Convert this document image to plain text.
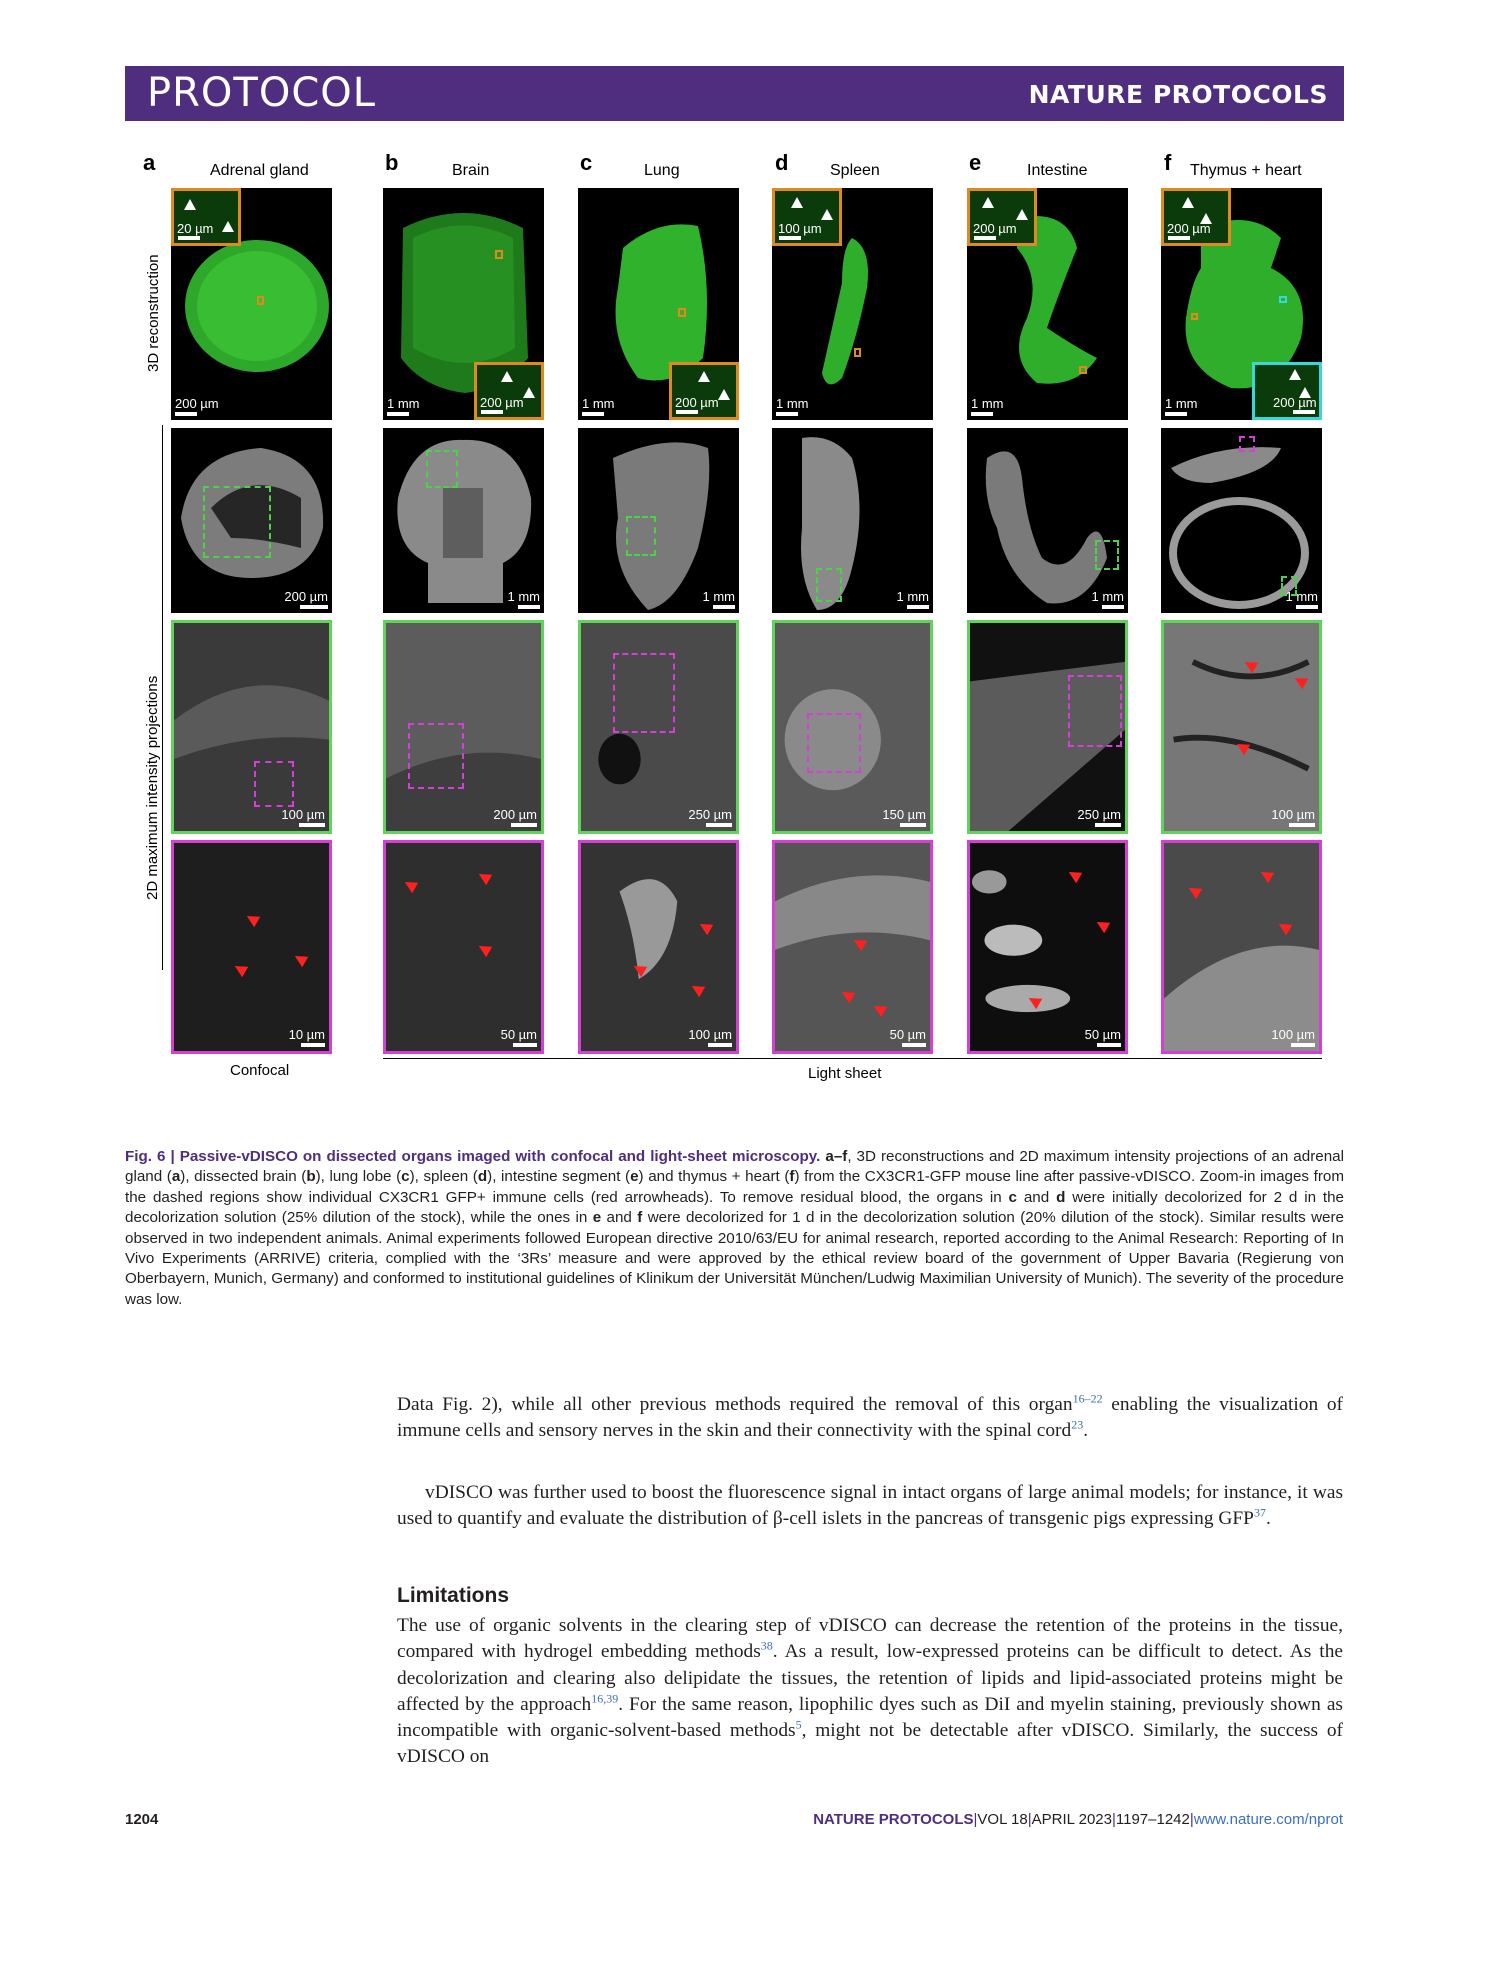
PROTOCOL	NATURE PROTOCOLS
a	Adrenal gland	b	Brain	c	Lung	d	Spleen	e	Intestine	f Thymus + heart
3D reconstruction
2D maximum intensity projections
20 µm
200 µm	200 µm
1 mm	200 µm
1 mm
100 µm
1 mm
200 µm
1 mm
200 µm
200 µm
1 mm
200 µm	1 mm	1 mm	1 mm	1 mm	1 mm
100 µm	200 µm	250 µm	150 µm	250 µm	100 µm
10 µm	50 µm	100 µm	50 µm	50 µm	100 µm
Confocal	Light sheet
Fig. 6 | Passive-vDISCO on dissected organs imaged with confocal and light-sheet microscopy. a–f, 3D reconstructions and 2D maximum intensity projections of an adrenal gland (a), dissected brain (b), lung lobe (c), spleen (d), intestine segment (e) and thymus + heart (f) from the CX3CR1-GFP mouse line after passive-vDISCO. Zoom-in images from the dashed regions show individual CX3CR1 GFP+ immune cells (red arrowheads). To remove residual blood, the organs in c and d were initially decolorized for 2 d in the decolorization solution (25% dilution of the stock), while the ones in e and f were decolorized for 1 d in the decolorization solution (20% dilution of the stock). Similar results were observed in two independent animals. Animal experiments followed European directive 2010/63/EU for animal research, reported according to the Animal Research: Reporting of In Vivo Experiments (ARRIVE) criteria, complied with the ‘3Rs’ measure and were approved by the ethical review board of the government of Upper Bavaria (Regierung von Oberbayern, Munich, Germany) and conformed to institutional guidelines of Klinikum der Universität München/Ludwig Maximilian University of Munich). The severity of the procedure was low.
Data Fig. 2), while all other previous methods required the removal of this organ$^{16-22}$ enabling the visualization of immune cells and sensory nerves in the skin and their connectivity with the spinal cord$^{23}$.
vDISCO was further used to boost the fluorescence signal in intact organs of large animal models; for instance, it was used to quantify and evaluate the distribution of β-cell islets in the pancreas of transgenic pigs expressing GFP$^{37}$.
Limitations
The use of organic solvents in the clearing step of vDISCO can decrease the retention of the proteins in the tissue, compared with hydrogel embedding methods$^{38}$. As a result, low-expressed proteins can be difficult to detect. As the decolorization and clearing also delipidate the tissues, the retention of lipids and lipid-associated proteins might be affected by the approach$^{16,39}$. For the same reason, lipophilic dyes such as DiI and myelin staining, previously shown as incompatible with organic-solvent-based methods$^5$, might not be detectable after vDISCO. Similarly, the success of vDISCO on
1204	NATURE PROTOCOLS|VOL 18|APRIL 2023|1197–1242|www.nature.com/nprot
